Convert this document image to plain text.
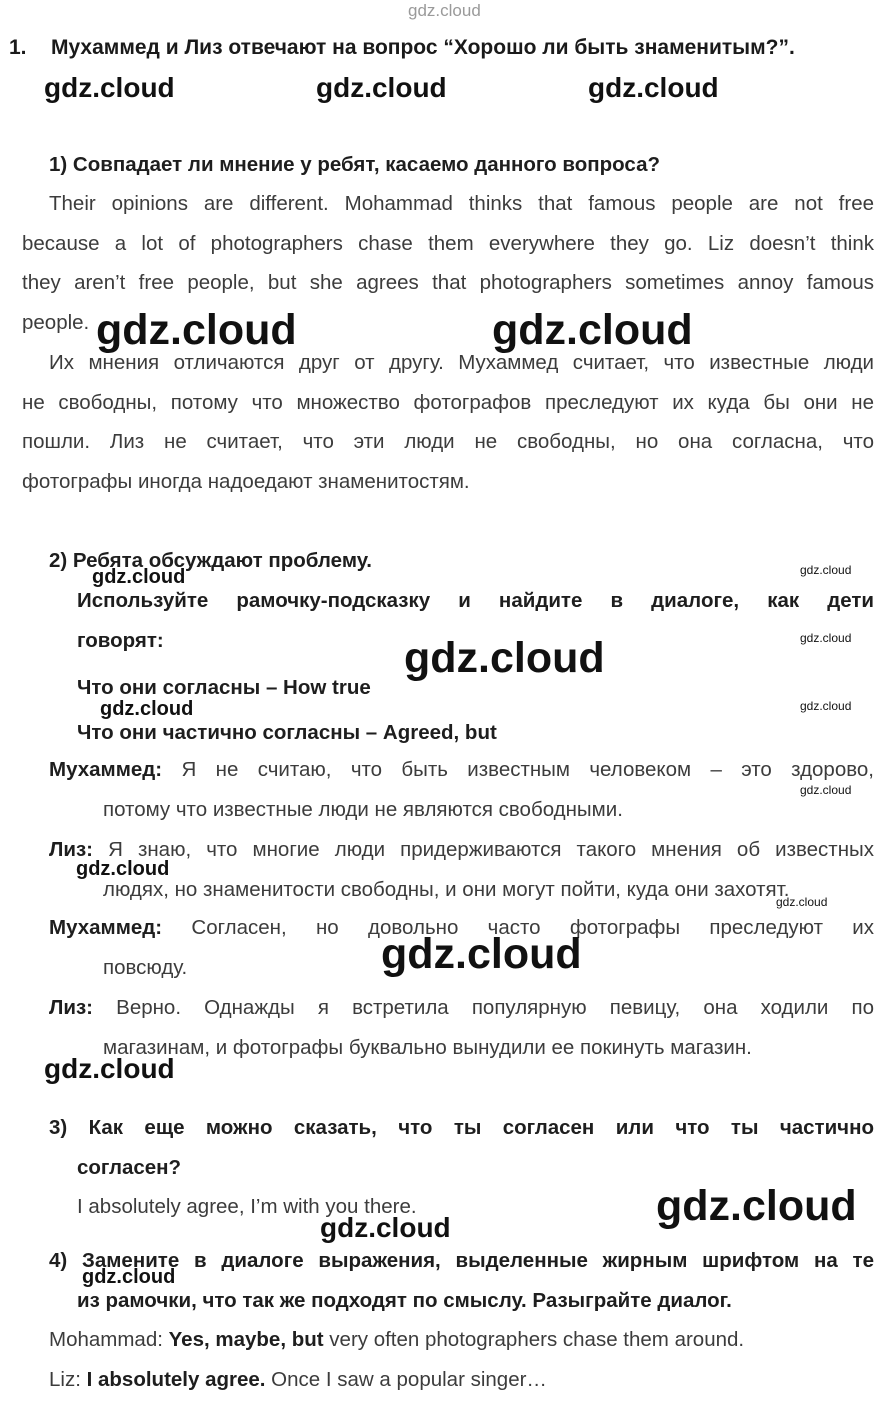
gdz.cloud
gdz.cloud	gdz.cloud	gdz.cloud
1. Мухаммед и Лиз отвечают на вопрос “Хорошо ли быть знаменитым?”.
1) Совпадает ли мнение у ребят, касаемо данного вопроса?
Their opinions are different. Mohammad thinks that famous people are not free
because a lot of photographers chase them everywhere they go. Liz doesn’t think
they aren’t free people, but she agrees that photographers sometimes annoy famous
people. gdz.cloud	gdz.cloud
Их мнения отличаются друг от другу. Мухаммед считает, что известные люди
не свободны, потому что множество фотографов преследуют их куда бы они не
пошли. Лиз не считает, что эти люди не свободны, но она согласна, что
фотографы иногда надоедают знаменитостям.
2) Ребята обсуждают проблему.
gdz.cloud	gdz.cloud
Используйте рамочку-подсказку и найдите в диалоге, как дети
говорят:	gdz.cloud
gdz.cloud
Что они согласны – How true
gdz.cloud	gdz.cloud
Что они частично согласны – Agreed, but
Мухаммед: Я не считаю, что быть известным человеком – это здорово,
потому что известные люди не являются свободными.
gdz.cloud
Лиз: Я знаю, что многие люди придерживаются такого мнения об известных
людях, но знаменитости свободны, и они могут пойти, куда они захотят.
gdz.cloud
gdz.cloud
Мухаммед: Согласен, но довольно часто фотографы преследуют их
повсюду.	gdz.cloud
Лиз: Верно. Однажды я встретила популярную певицу, она ходили по
магазинам, и фотографы буквально вынудили ее покинуть магазин.
gdz.cloud
3) Как еще можно сказать, что ты согласен или что ты частично
согласен?
I absolutely agree, I’m with you there.	gdz.cloud
gdz.cloud
4) Замените в диалоге выражения, выделенные жирным шрифтом на те
gdz.cloud
из рамочки, что так же подходят по смыслу. Разыграйте диалог.
Mohammad: Yes, maybe, but very often photographers chase them around.
Liz: I absolutely agree. Once I saw a popular singer…
